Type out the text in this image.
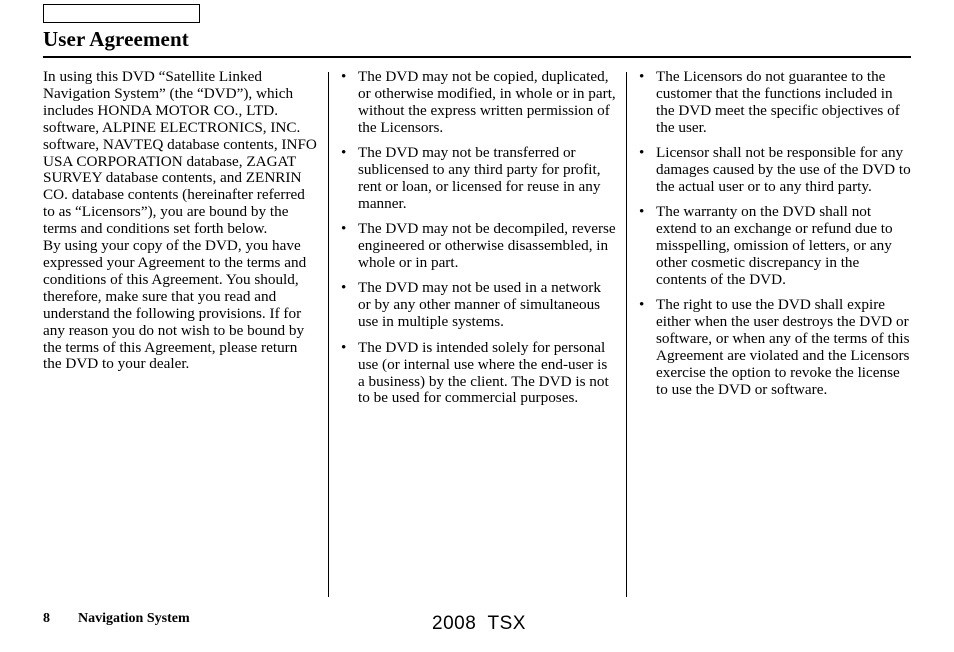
User Agreement

In using this DVD “Satellite Linked Navigation System” (the “DVD”), which includes HONDA MOTOR CO., LTD. software, ALPINE ELECTRONICS, INC. software, NAVTEQ database contents, INFO USA CORPORATION database, ZAGAT SURVEY database contents, and ZENRIN CO. database contents (hereinafter referred to as “Licensors”), you are bound by the terms and conditions set forth below.

By using your copy of the DVD, you have expressed your Agreement to the terms and conditions of this Agreement. You should, therefore, make sure that you read and understand the following provisions. If for any reason you do not wish to be bound by the terms of this Agreement, please return the DVD to your dealer.

• The DVD may not be copied, duplicated, or otherwise modified, in whole or in part, without the express written permission of the Licensors.
• The DVD may not be transferred or sublicensed to any third party for profit, rent or loan, or licensed for reuse in any manner.
• The DVD may not be decompiled, reverse engineered or otherwise disassembled, in whole or in part.
• The DVD may not be used in a network or by any other manner of simultaneous use in multiple systems.
• The DVD is intended solely for personal use (or internal use where the end-user is a business) by the client. The DVD is not to be used for commercial purposes.
• The Licensors do not guarantee to the customer that the functions included in the DVD meet the specific objectives of the user.
• Licensor shall not be responsible for any damages caused by the use of the DVD to the actual user or to any third party.
• The warranty on the DVD shall not extend to an exchange or refund due to misspelling, omission of letters, or any other cosmetic discrepancy in the contents of the DVD.
• The right to use the DVD shall expire either when the user destroys the DVD or software, or when any of the terms of this Agreement are violated and the Licensors exercise the option to revoke the license to use the DVD or software.
8 Navigation System	2008  TSX
